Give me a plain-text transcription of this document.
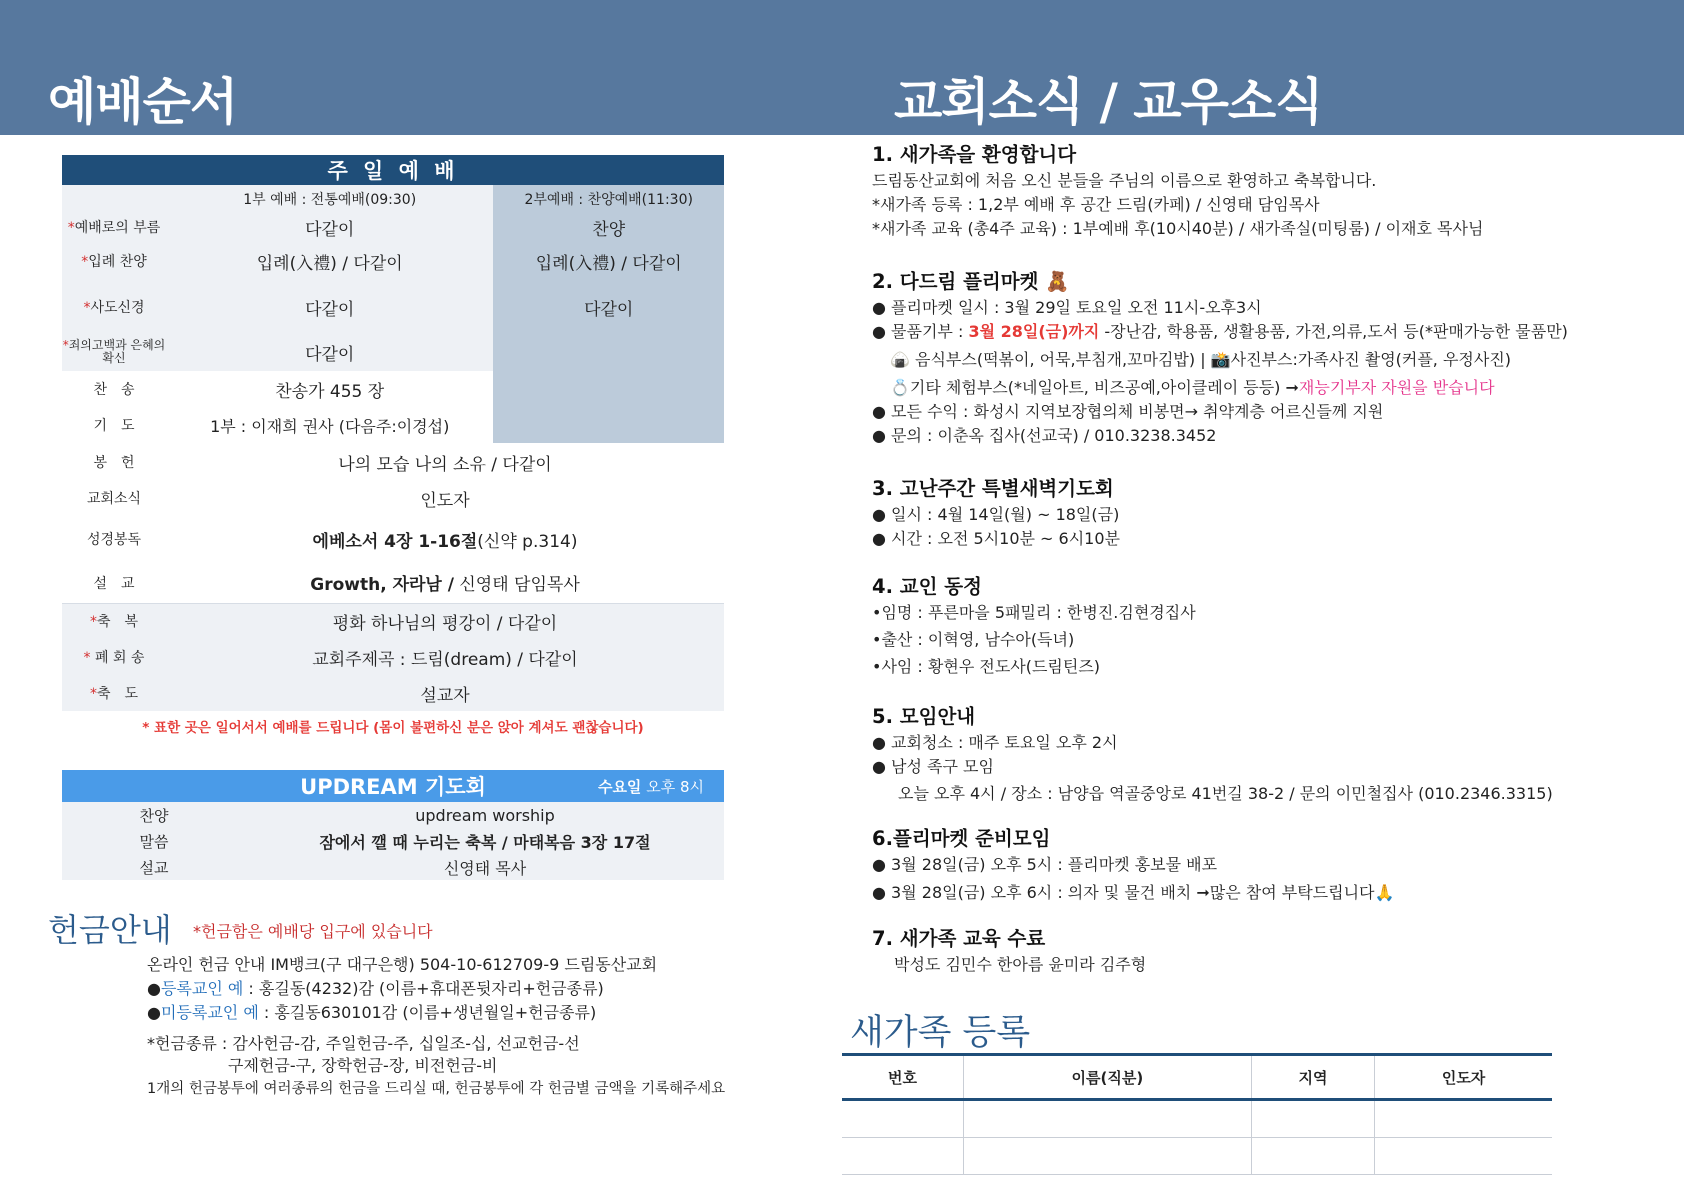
예배순서	교회소식 / 교우소식
주 일 예 배		
	1부 예배 : 전통예배(09:30)	2부예배 : 찬양예배(11:30)
*예배로의 부름	다같이	찬양
*입례 찬양	입례(入禮) / 다같이	입례(入禮) / 다같이
*사도신경	다같이	다같이
*죄의고백과 은혜의확신	다같이	
찬　송	찬송가 455 장	
기　도	1부 : 이재희 권사 (다음주:이경섭)	
봉　헌	나의 모습 나의 소유 / 다같이	
교회소식	인도자	
성경봉독	에베소서 4장 1-16절(신약 p.314)	
설　교	Growth, 자라남 / 신영태 담임목사	
*축　복	평화 하나님의 평강이 / 다같이	
* 폐 회 송	교회주제곡 : 드림(dream) / 다같이	
*축　도	설교자	
* 표한 곳은 일어서서 예배를 드립니다 (몸이 불편하신 분은 앉아 계셔도 괜찮습니다)
UPDREAM 기도회 수요일 오후 8시	

찬양	updream worship
말씀	잠에서 깰 때 누리는 축복 / 마태복음 3장 17절
설교	신영태 목사
헌금안내 *헌금함은 예배당 입구에 있습니다
온라인 헌금 안내 IM뱅크(구 대구은행) 504-10-612709-9 드림동산교회
●등록교인 예 : 홍길동(4232)감 (이름+휴대폰뒷자리+헌금종류)
●미등록교인 예 : 홍길동630101감 (이름+생년월일+헌금종류)
*헌금종류 : 감사헌금-감, 주일헌금-주, 십일조-십, 선교헌금-선
구제헌금-구, 장학헌금-장, 비전헌금-비
1개의 헌금봉투에 여러종류의 헌금을 드리실 때, 헌금봉투에 각 헌금별 금액을 기록해주세요
1. 새가족을 환영합니다

드림동산교회에 처음 오신 분들을 주님의 이름으로 환영하고 축복합니다.

*새가족 등록 : 1,2부 예배 후 공간 드림(카페) / 신영태 담임목사

*새가족 교육 (총4주 교육) : 1부예배 후(10시40분) / 새가족실(미팅룸) / 이재호 목사님

2. 다드림 플리마켓 🧸

● 플리마켓 일시 : 3월 29일 토요일 오전 11시-오후3시

● 물품기부 : 3월 28일(금)까지 -장난감, 학용품, 생활용품, 가전,의류,도서 등(*판매가능한 물품만)

🍙 음식부스(떡볶이, 어묵,부침개,꼬마김밥) | 📸사진부스:가족사진 촬영(커플, 우정사진)

💍기타 체험부스(*네일아트, 비즈공예,아이클레이 등등) ➞재능기부자 자원을 받습니다

● 모든 수익 : 화성시 지역보장협의체 비봉면→ 취약계층 어르신들께 지원

● 문의 : 이춘옥 집사(선교국) / 010.3238.3452

3. 고난주간 특별새벽기도회

● 일시 : 4월 14일(월) ~ 18일(금)

● 시간 : 오전 5시10분 ~ 6시10분

4. 교인 동정

•임명 : 푸른마을 5패밀리 : 한병진.김현경집사

•출산 : 이혁영, 남수아(득녀)

•사임 : 황현우 전도사(드림틴즈)

5. 모임안내

● 교회청소 : 매주 토요일 오후 2시

● 남성 족구 모임

오늘 오후 4시 / 장소 : 남양읍 역골중앙로 41번길 38-2 / 문의 이민철집사 (010.2346.3315)

6.플리마켓 준비모임

● 3월 28일(금) 오후 5시 : 플리마켓 홍보물 배포

● 3월 28일(금) 오후 6시 : 의자 및 물건 배치 ➞많은 참여 부탁드립니다🙏

7. 새가족 교육 수료

박성도 김민수 한아름 윤미라 김주형

새가족 등록
번호	이름(직분)	지역	인도자
